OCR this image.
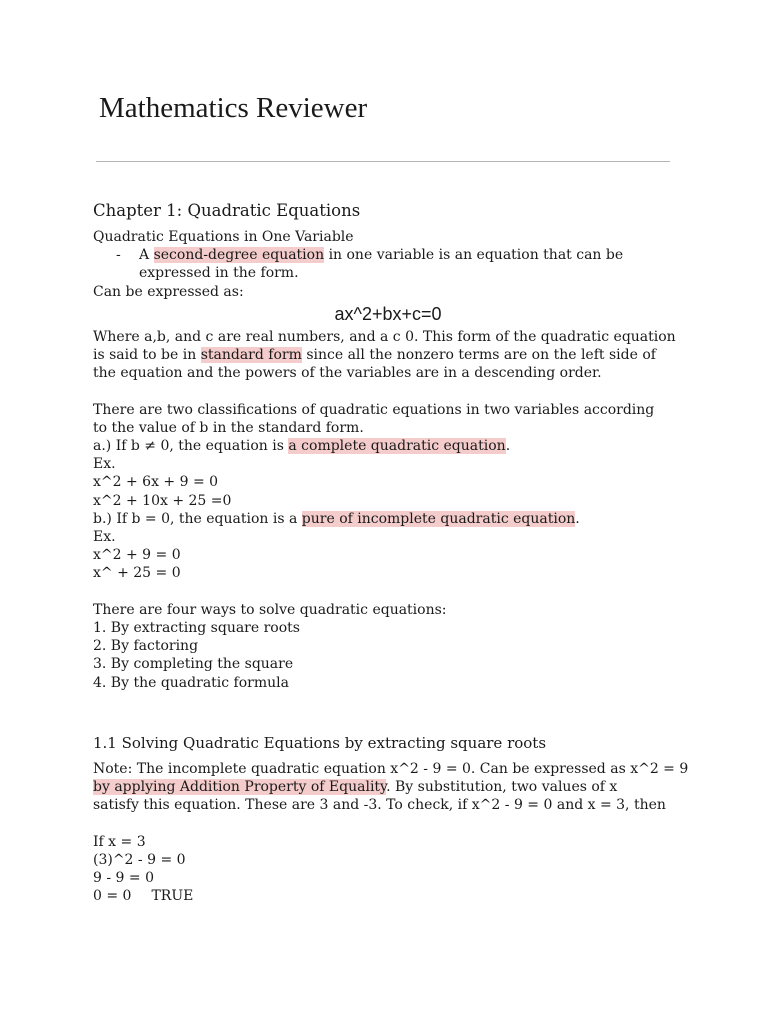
Mathematics Reviewer
Chapter 1: Quadratic Equations
Quadratic Equations in One Variable
- A second-degree equation in one variable is an equation that can be
expressed in the form.
Can be expressed as:
ax^2+bx+c=0
Where a,b, and c are real numbers, and a c 0. This form of the quadratic equation
is said to be in standard form since all the nonzero terms are on the left side of
the equation and the powers of the variables are in a descending order.
There are two classifications of quadratic equations in two variables according
to the value of b in the standard form.
a.) If b ≠ 0, the equation is a complete quadratic equation.
Ex.
x^2 + 6x + 9 = 0
x^2 + 10x + 25 =0
b.) If b = 0, the equation is a pure of incomplete quadratic equation.
Ex.
x^2 + 9 = 0
x^ + 25 = 0
There are four ways to solve quadratic equations:
1. By extracting square roots
2. By factoring
3. By completing the square
4. By the quadratic formula
1.1 Solving Quadratic Equations by extracting square roots
Note: The incomplete quadratic equation x^2 - 9 = 0. Can be expressed as x^2 = 9
by applying Addition Property of Equality. By substitution, two values of x
satisfy this equation. These are 3 and -3. To check, if x^2 - 9 = 0 and x = 3, then
If x = 3
(3)^2 - 9 = 0
9 - 9 = 0
0 = 0 TRUE
